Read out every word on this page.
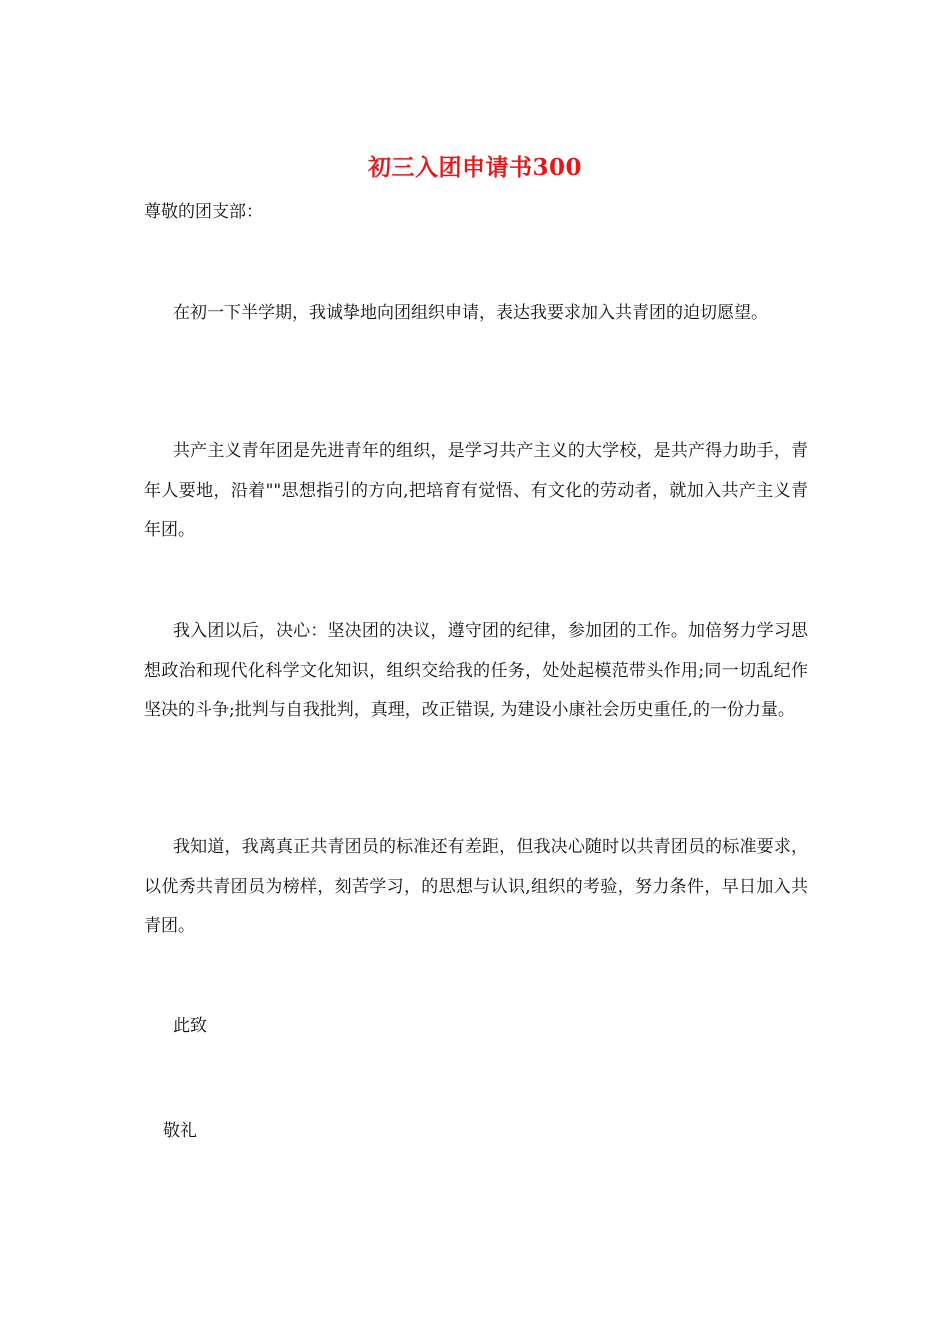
初三入团申请书300
尊敬的团支部：

在初一下半学期，我诚挚地向团组织申请，表达我要求加入共青团的迫切愿望。

共产主义青年团是先进青年的组织，是学习共产主义的大学校，是共产得力助手，青年人要地，沿着""思想指引的方向,把培育有觉悟、有文化的劳动者，就加入共产主义青年团。

我入团以后，决心：坚决团的决议，遵守团的纪律，参加团的工作。加倍努力学习思想政治和现代化科学文化知识，组织交给我的任务，处处起模范带头作用;同一切乱纪作坚决的斗争;批判与自我批判，真理，改正错误, 为建设小康社会历史重任,的一份力量。

我知道，我离真正共青团员的标准还有差距，但我决心随时以共青团员的标准要求，以优秀共青团员为榜样，刻苦学习，的思想与认识,组织的考验，努力条件，早日加入共青团。

此致
敬礼
